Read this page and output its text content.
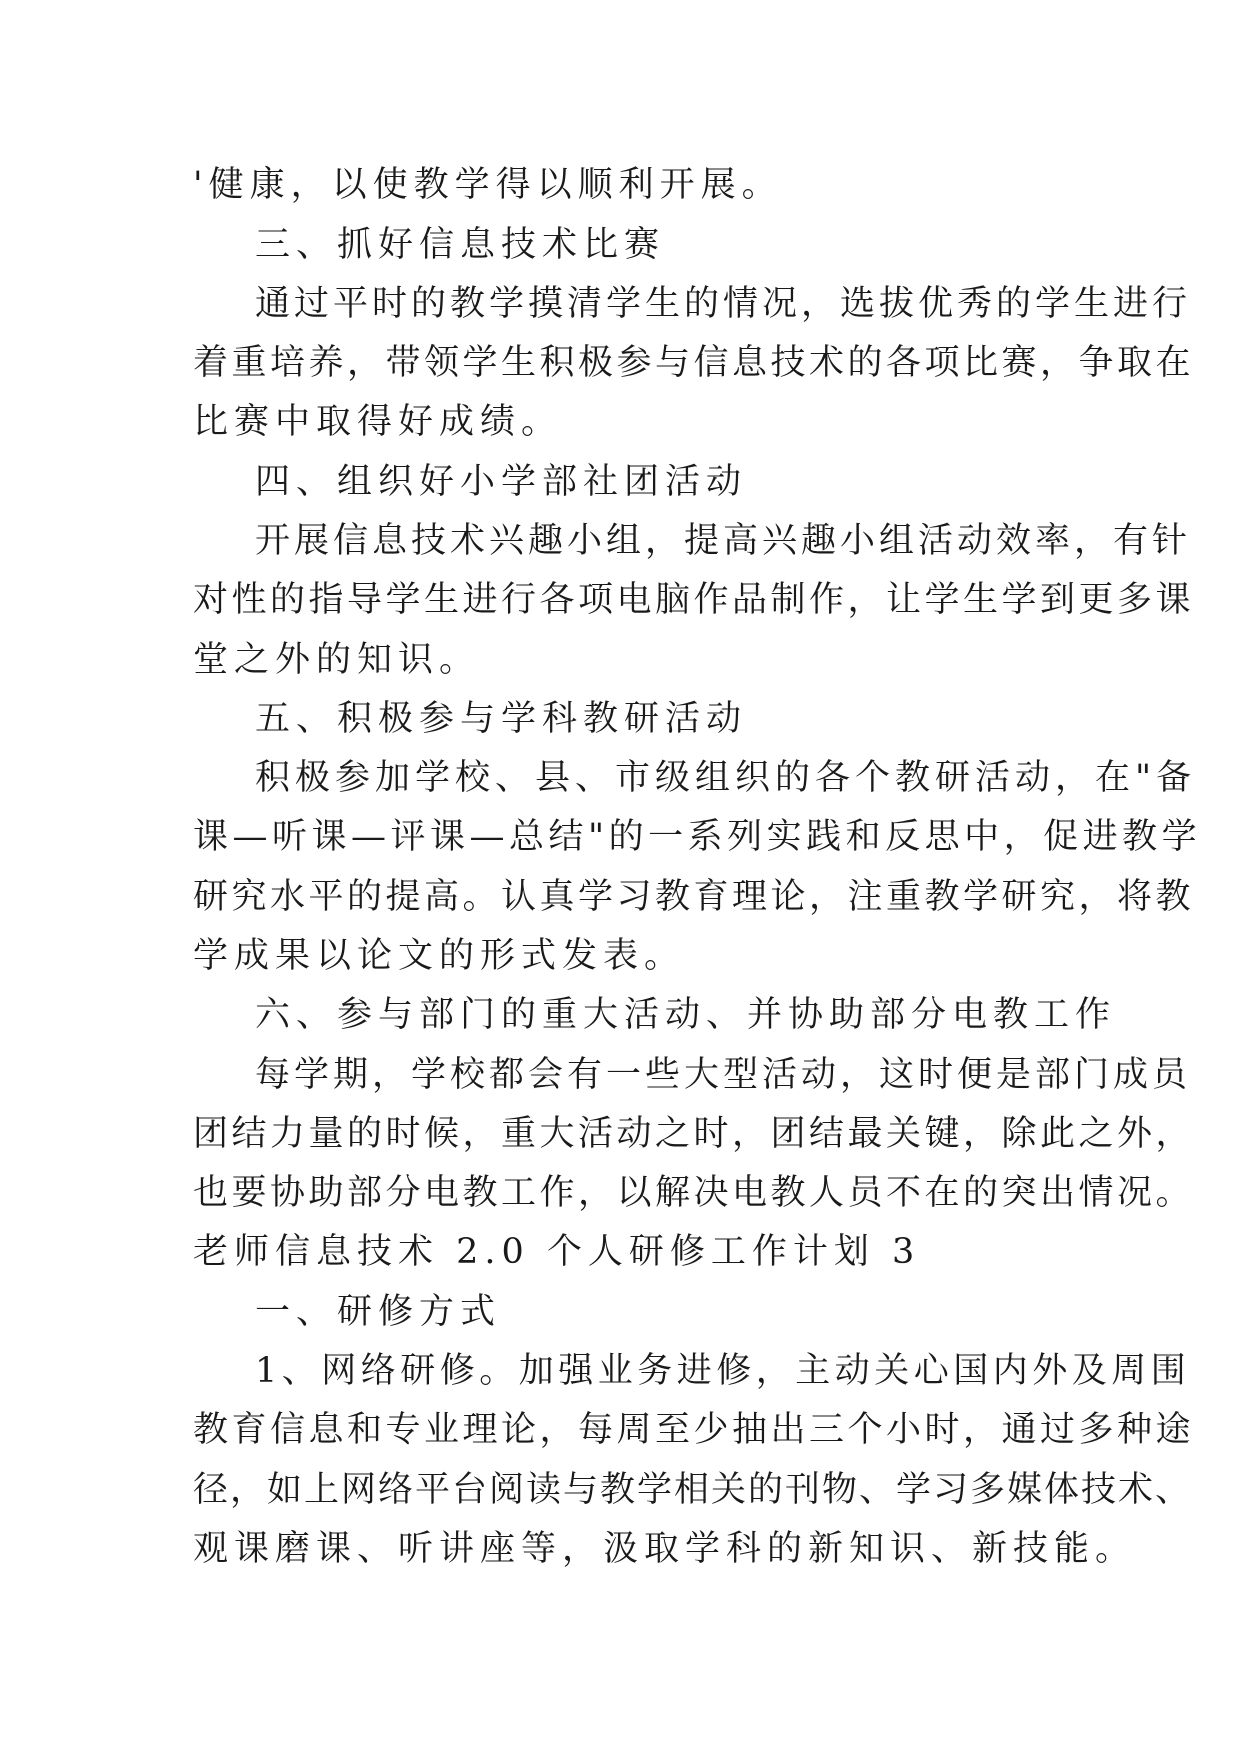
'健康，以使教学得以顺利开展。
三、抓好信息技术比赛
通过平时的教学摸清学生的情况，选拔优秀的学生进行
着重培养，带领学生积极参与信息技术的各项比赛，争取在
比赛中取得好成绩。
四、组织好小学部社团活动
开展信息技术兴趣小组，提高兴趣小组活动效率，有针
对性的指导学生进行各项电脑作品制作，让学生学到更多课
堂之外的知识。
五、积极参与学科教研活动
积极参加学校、县、市级组织的各个教研活动，在"备
课—听课—评课—总结"的一系列实践和反思中，促进教学
研究水平的提高。认真学习教育理论，注重教学研究，将教
学成果以论文的形式发表。
六、参与部门的重大活动、并协助部分电教工作
每学期，学校都会有一些大型活动，这时便是部门成员
团结力量的时候，重大活动之时，团结最关键，除此之外，
也要协助部分电教工作，以解决电教人员不在的突出情况。
老师信息技术 2.0 个人研修工作计划 3
一、研修方式
1、网络研修。加强业务进修，主动关心国内外及周围
教育信息和专业理论，每周至少抽出三个小时，通过多种途
径，如上网络平台阅读与教学相关的刊物、学习多媒体技术、
观课磨课、听讲座等，汲取学科的新知识、新技能。
